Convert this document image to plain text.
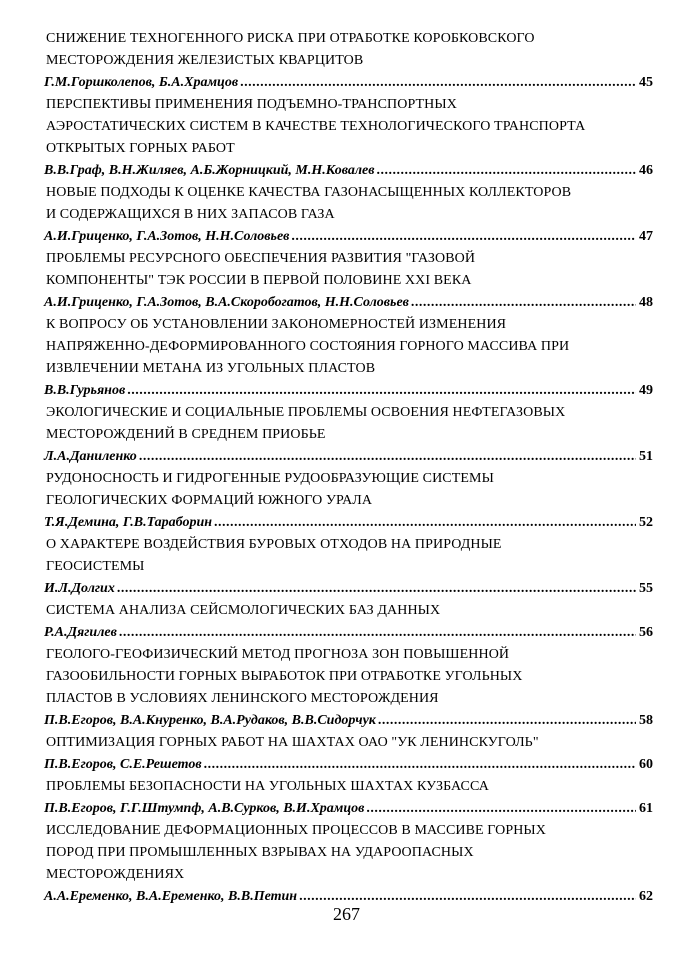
СНИЖЕНИЕ ТЕХНОГЕННОГО РИСКА ПРИ ОТРАБОТКЕ КОРОБКОВСКОГО
МЕСТОРОЖДЕНИЯ ЖЕЛЕЗИСТЫХ КВАРЦИТОВ
Г.М.Горшколепов, Б.А.Храмцов .....	45
ПЕРСПЕКТИВЫ ПРИМЕНЕНИЯ ПОДЪЕМНО-ТРАНСПОРТНЫХ
АЭРОСТАТИЧЕСКИХ СИСТЕМ В КАЧЕСТВЕ ТЕХНОЛОГИЧЕСКОГО ТРАНСПОРТА
ОТКРЫТЫХ ГОРНЫХ РАБОТ
В.В.Граф, В.Н.Жиляев, А.Б.Жорницкий, М.Н.Ковалев .....	46
НОВЫЕ ПОДХОДЫ К ОЦЕНКЕ КАЧЕСТВА ГАЗОНАСЫЩЕННЫХ КОЛЛЕКТОРОВ
И СОДЕРЖАЩИХСЯ В НИХ ЗАПАСОВ ГАЗА
А.И.Гриценко, Г.А.Зотов, Н.Н.Соловьев .....	47
ПРОБЛЕМЫ РЕСУРСНОГО ОБЕСПЕЧЕНИЯ РАЗВИТИЯ "ГАЗОВОЙ
КОМПОНЕНТЫ" ТЭК РОССИИ В ПЕРВОЙ ПОЛОВИНЕ XXI ВЕКА
А.И.Гриценко, Г.А.Зотов, В.А.Скоробогатов, Н.Н.Соловьев .....	48
К ВОПРОСУ ОБ УСТАНОВЛЕНИИ ЗАКОНОМЕРНОСТЕЙ ИЗМЕНЕНИЯ
НАПРЯЖЕННО-ДЕФОРМИРОВАННОГО СОСТОЯНИЯ ГОРНОГО МАССИВА ПРИ
ИЗВЛЕЧЕНИИ МЕТАНА ИЗ УГОЛЬНЫХ ПЛАСТОВ
В.В.Гурьянов .....	49
ЭКОЛОГИЧЕСКИЕ И СОЦИАЛЬНЫЕ ПРОБЛЕМЫ ОСВОЕНИЯ НЕФТЕГАЗОВЫХ
МЕСТОРОЖДЕНИЙ В СРЕДНЕМ ПРИОБЬЕ
Л.А.Даниленко .....	51
РУДОНОСНОСТЬ И ГИДРОГЕННЫЕ РУДООБРАЗУЮЩИЕ СИСТЕМЫ
ГЕОЛОГИЧЕСКИХ ФОРМАЦИЙ ЮЖНОГО УРАЛА
Т.Я.Демина, Г.В.Тараборин .....	52
О ХАРАКТЕРЕ ВОЗДЕЙСТВИЯ БУРОВЫХ ОТХОДОВ НА ПРИРОДНЫЕ
ГЕОСИСТЕМЫ
И.Л.Долгих .....	55
СИСТЕМА АНАЛИЗА СЕЙСМОЛОГИЧЕСКИХ БАЗ ДАННЫХ
Р.А.Дягилев .....	56
ГЕОЛОГО-ГЕОФИЗИЧЕСКИЙ МЕТОД ПРОГНОЗА ЗОН ПОВЫШЕННОЙ
ГАЗООБИЛЬНОСТИ ГОРНЫХ ВЫРАБОТОК ПРИ ОТРАБОТКЕ УГОЛЬНЫХ
ПЛАСТОВ В УСЛОВИЯХ ЛЕНИНСКОГО МЕСТОРОЖДЕНИЯ
П.В.Егоров, В.А.Кнуренко, В.А.Рудаков, В.В.Сидорчук .....	58
ОПТИМИЗАЦИЯ ГОРНЫХ РАБОТ НА ШАХТАХ ОАО "УК ЛЕНИНСКУГОЛЬ"
П.В.Егоров, С.Е.Решетов .....	60
ПРОБЛЕМЫ БЕЗОПАСНОСТИ НА УГОЛЬНЫХ ШАХТАХ КУЗБАССА
П.В.Егоров, Г.Г.Штумпф, А.В.Сурков, В.И.Храмцов .....	61
ИССЛЕДОВАНИЕ ДЕФОРМАЦИОННЫХ ПРОЦЕССОВ В МАССИВЕ ГОРНЫХ
ПОРОД ПРИ ПРОМЫШЛЕННЫХ ВЗРЫВАХ НА УДАРООПАСНЫХ
МЕСТОРОЖДЕНИЯХ
А.А.Еременко, В.А.Еременко, В.В.Петин .....	62
267
